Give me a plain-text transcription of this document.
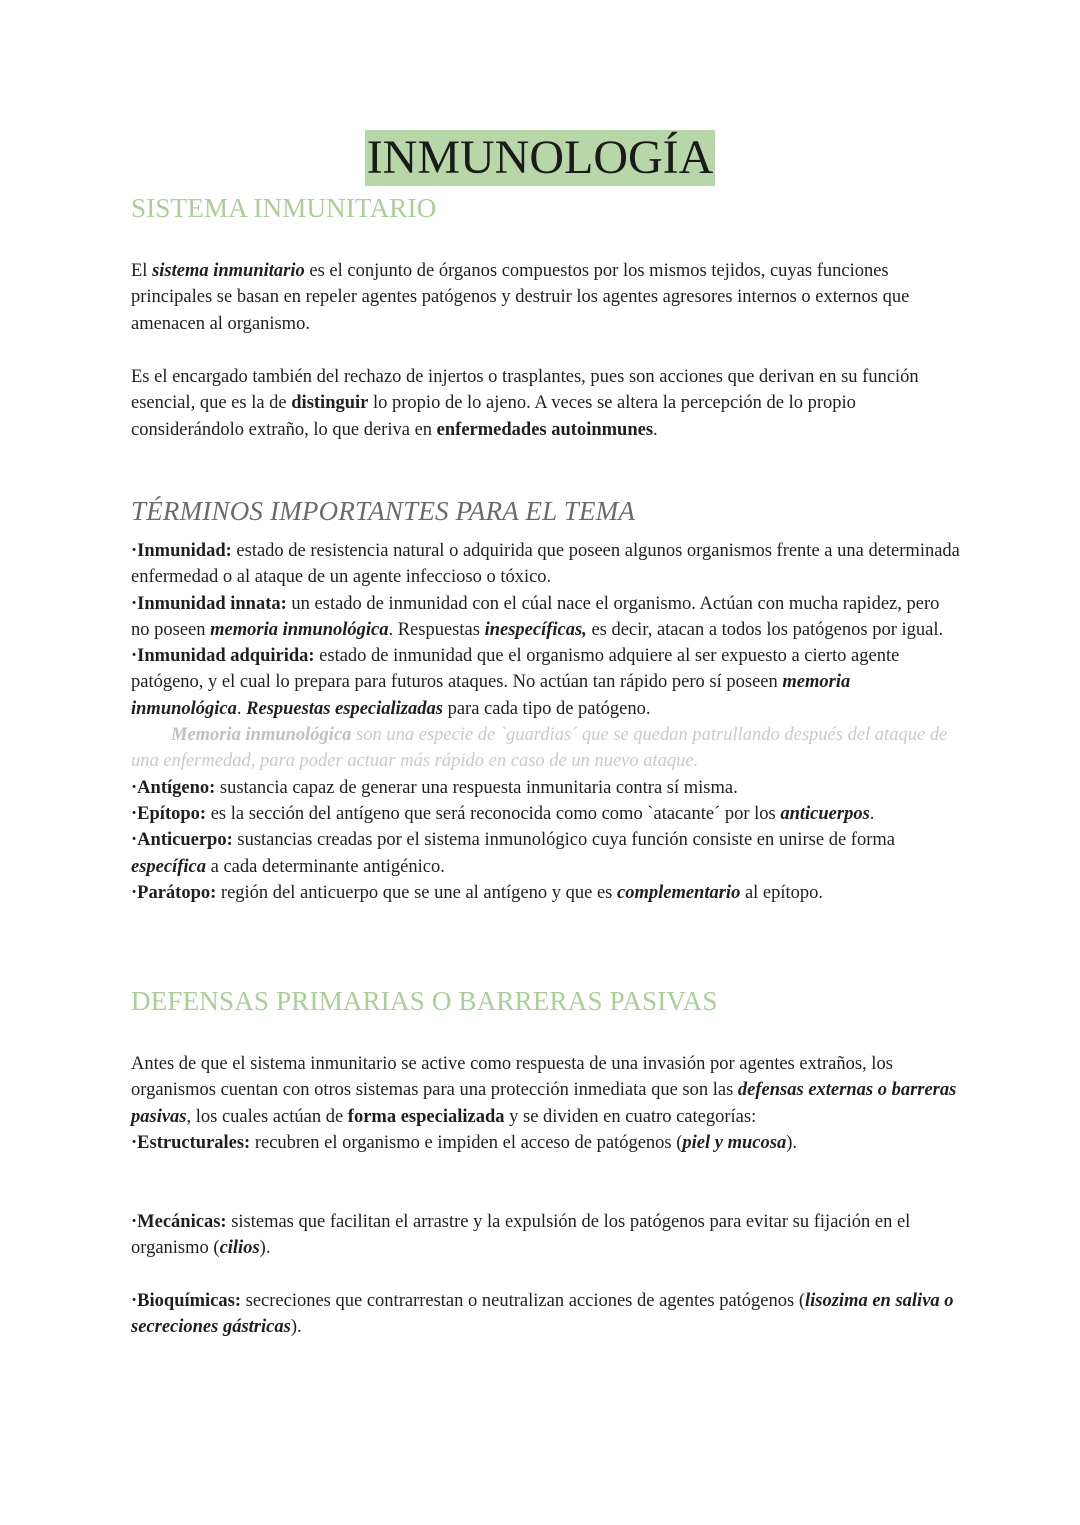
INMUNOLOGÍA
SISTEMA INMUNITARIO

El sistema inmunitario es el conjunto de órganos compuestos por los mismos tejidos, cuyas funciones principales se basan en repeler agentes patógenos y destruir los agentes agresores internos o externos que amenacen al organismo.

Es el encargado también del rechazo de injertos o trasplantes, pues son acciones que derivan en su función esencial, que es la de distinguir lo propio de lo ajeno. A veces se altera la percepción de lo propio considerándolo extraño, lo que deriva en enfermedades autoinmunes.

TÉRMINOS IMPORTANTES PARA EL TEMA

·Inmunidad: estado de resistencia natural o adquirida que poseen algunos organismos frente a una determinada enfermedad o al ataque de un agente infeccioso o tóxico.

·Inmunidad innata: un estado de inmunidad con el cúal nace el organismo. Actúan con mucha rapidez, pero no poseen memoria inmunológica. Respuestas inespecíficas, es decir, atacan a todos los patógenos por igual.

·Inmunidad adquirida: estado de inmunidad que el organismo adquiere al ser expuesto a cierto agente patógeno, y el cual lo prepara para futuros ataques. No actúan tan rápido pero sí poseen memoria inmunológica. Respuestas especializadas para cada tipo de patógeno.

Memoria inmunológica son una especie de `guardias´ que se quedan patrullando después del ataque de una enfermedad, para poder actuar más rápido en caso de un nuevo ataque.

·Antígeno: sustancia capaz de generar una respuesta inmunitaria contra sí misma.

·Epítopo: es la sección del antígeno que será reconocida como como `atacante´ por los anticuerpos.

·Anticuerpo: sustancias creadas por el sistema inmunológico cuya función consiste en unirse de forma específica a cada determinante antigénico.

·Parátopo: región del anticuerpo que se une al antígeno y que es complementario al epítopo.

DEFENSAS PRIMARIAS O BARRERAS PASIVAS

Antes de que el sistema inmunitario se active como respuesta de una invasión por agentes extraños, los organismos cuentan con otros sistemas para una protección inmediata que son las defensas externas o barreras pasivas, los cuales actúan de forma especializada y se dividen en cuatro categorías:

·Estructurales: recubren el organismo e impiden el acceso de patógenos (piel y mucosa).

·Mecánicas: sistemas que facilitan el arrastre y la expulsión de los patógenos para evitar su fijación en el organismo (cilios).

·Bioquímicas: secreciones que contrarrestan o neutralizan acciones de agentes patógenos (lisozima en saliva o secreciones gástricas).
